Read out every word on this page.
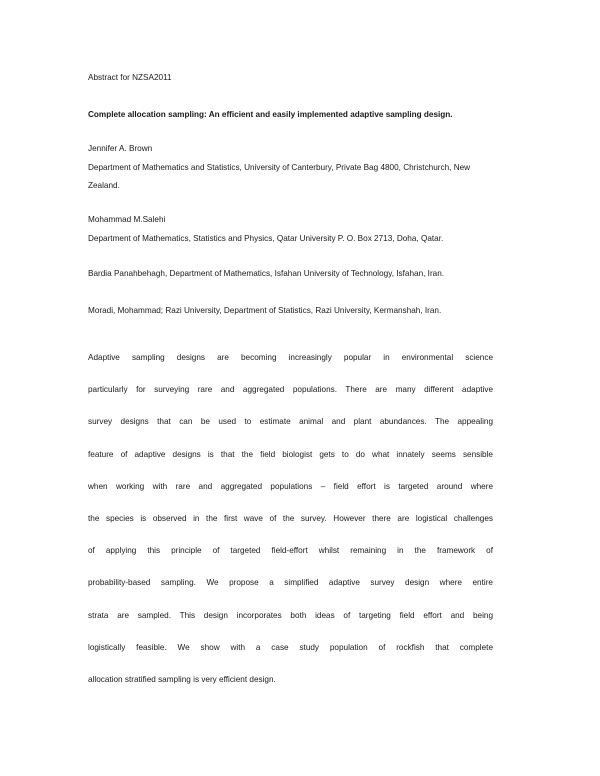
Abstract for NZSA2011
Complete allocation sampling: An efficient and easily implemented adaptive sampling design.
Jennifer A. Brown
Department of Mathematics and Statistics, University of Canterbury, Private Bag 4800, Christchurch, New
Zealand.
Mohammad M.Salehi
Department of Mathematics, Statistics and Physics, Qatar University P. O. Box 2713, Doha, Qatar.
Bardia Panahbehagh, Department of Mathematics, Isfahan University of Technology, Isfahan, Iran.
Moradi, Mohammad; Razi University, Department of Statistics, Razi University, Kermanshah, Iran.

Adaptive sampling designs are becoming increasingly popular in environmental science

particularly for surveying rare and aggregated populations. There are many different adaptive

survey designs that can be used to estimate animal and plant abundances. The appealing

feature of adaptive designs is that the field biologist gets to do what innately seems sensible

when working with rare and aggregated populations – field effort is targeted around where

the species is observed in the first wave of the survey. However there are logistical challenges

of applying this principle of targeted field-effort whilst remaining in the framework of

probability-based sampling. We propose a simplified adaptive survey design where entire

strata are sampled. This design incorporates both ideas of targeting field effort and being

logistically feasible. We show with a case study population of rockfish that complete

allocation stratified sampling is very efficient design.
